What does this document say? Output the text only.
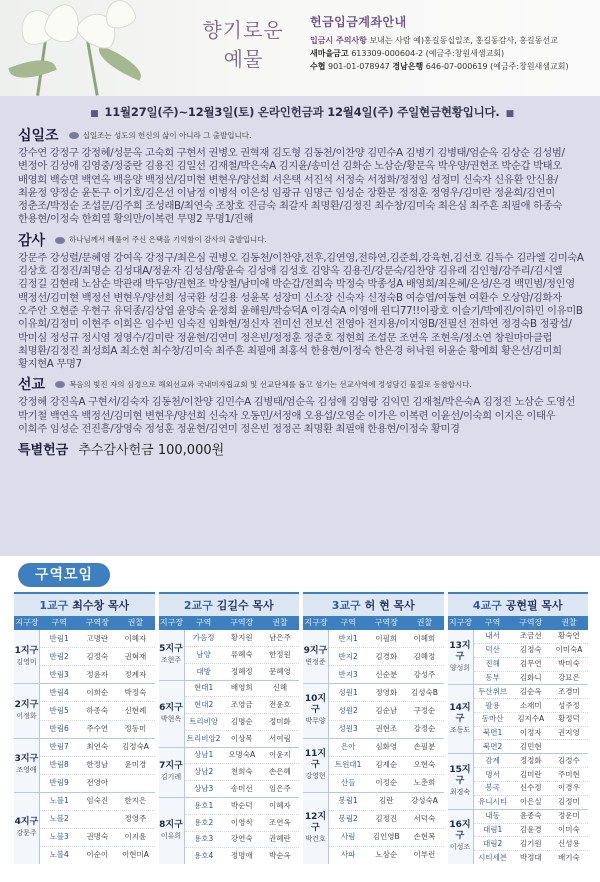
향기로운
예물
헌금입금계좌안내
입금시 주의사항 보내는 사람 예)홍길동십일조, 홍길동감사, 홍길동선교
새마을금고 613309-000604-2 (예금주:창원새샘교회)
수협 901-01-078947 경남은행 646-07-000619 (예금주:창원새샘교회)
■ 11월27일(주)~12월3일(토) 온라인헌금과 12월4일(주) 주일현금현황입니다. ■
십일조	십일조는 성도의 헌신의 삶이 아니라 그 출발입니다.
강수연 강정구 강정혜/성문옥 고숙희 구현서 권병오 권혁재 김도형 김동천/이찬양 김민수A 김병기 김병태/엄순옥 김상순 김성범/변정아 김성애 김영중/정중란 김용진 김일선 김재철/박은숙A 김지윤/송미선 김화순 노삼순/황문옥 박우양/권현조 박순갑 박태오 배영희 백승면 백연옥 백응양 백정선/김미현 변현우/양선희 서은택 서진석 서정숙 서정화/정정임 성정미 신숙자 신유환 안신용/최윤정 양정순 윤돈구 이기호/김은선 이남정 이병석 이은성 임광규 임명근 임성순 장환문 정정훈 정영우/김미란 정윤희/김연미 정춘조/박정순 조섭문/김주희 조성래B/최연숙 조창호 진금숙 최갈자 최명환/김정진 최수창/김미숙 최은심 최주흔 최필애 하종숙 한용현/이정숙 한희열 황의만/이복련 무명2 무명1/진해
감사	하나님께서 베풀어 주신 은택을 기억함이 감사의 출발입니다.
강문주 강성렬/문혜영 강여옥 강정구/최은심 권병오 김동천/이찬양,전후,김연영,전하연,김준희,강육현,김선호 김득수 김라엘 김미숙A 김상호 김정진/최명순 김성대A/정윤자 김성삼/황윤숙 김성애 김성호 김양옥 김용진/강문숙/김찬양 김유래 김인형/강주리/김시엘 김정길 김현래 노삼순 박관래 박두양/권현조 박상철/남미애 박순갑/전희숙 박정숙 박종성A 배영희/최은혜/은성/은경 백민범/정인영 백정선/김미현 백정선 변현우/양선희 성국환 성길용 성윤목 성장미 신소장 신숙자 신정숙B 여승엽/여동현 여환수 오상암/김화자 오주안 오현준 우현구 유덕종/김상엽 윤양숙 윤정희 윤해원/박승덕A 이경숙A 이영애 윈디77!!이광호 이슬기/박예진/이하민 이유미B 이유희/김정미 이현주 이희은 임수빈 임숙진 임화현/정신자 전미선 전보선 전영아 전지용/이지영B/전필선 전하연 정경숙B 정광섭/박미심 정성규 정시영 정영수/김미란 정윤현/김연미 정은빈/정정훈 정준호 정현희 조섭문 조연옥 조현욱/정소연 창원마마클럽 최명환/김정진 최성희A 최소현 최수창/김미숙 최주흔 최필애 최홍석 한용현/이정숙 한은경 허낙원 허윤순 황예희 황은선/김미희 황지현A 무명7
선교	복음의 빛진 자의 심정으로 해외선교와 국내미자립교회 및 선교단체를 돕고 섬기는 선교사역에 정성담긴 물질로 동참합시다.
강정혜 강진옥A 구현서/김숙자 김동천/이찬양 김민수A 김병태/엄순옥 김성애 김영랑 김익민 김재철/박은숙A 김정진 노삼순 도영선 박기철 백연옥 백정선/김미현 변현우/양선희 신숙자 오동민/서정애 오용섭/오영순 이가은 이복련 이윤선/이숙희 이지은 이태우 이희주 임성순 전진흥/장영숙 정성훈 정윤현/김연미 정은빈 정정곤 최명환 최필애 한용현/이정숙 황미경
특별헌금 추수감사헌금 100,000원
구역모임
1교구 최수창 목사
지구장	구역	구역장	권찰
1지구
김영미
반림1	고명란	이혜자
반림2	김정숙	권혁재
반림3	정윤자	정계자
2지구
이정화
반림4	이희순	박정숙
반림5	하종숙	신현례
반림6	주수연	정동미
3지구
조영애
반림7	최연숙	김정숙A
반림8	한정남	윤미경
반림9	전영아
4지구
강문주
노블1	임숙진	한지은
노블2	정영주
노블3	권명숙	이지윤
노블4	이순이	이현미A
2교구 김길수 목사
지구장	구역	구역장	권찰
5지구
조현주
가음정	황지원	남은주
남양	류혜숙	한정원
대방	정혜정	문혜영
6지구
박현옥
현대1	배영희	신혜
현대2	조영금	전윤호
트리비앙	김명순	정미화
트리비앙2	이상목	서여림
7지구
김기례
상남1	오명숙A	이윤지
상남2	천희숙	손은혜
상남3	송미선	임은주
8지구
이유희
용호1	박순덕	이혜자
용호2	이영식	조연옥
용호3	강연숙	권혜란
용호4	정명애	박순옥
3교구 허 현 목사
지구장	구역	구역장	권찰
9지구
변정준
반지1	이필희	이혜희
반지2	김경화	김혜정
반지3	신순분	강성주
10지구
박무양
성원1	정영화	김성숙B
성원2	김순남	구정순
성원3	권현조	강정순
11지구
강영현
은아	심화영	손필분
트윈대1	김제순	오현숙
산들	이정순	노춘희
12지구
박건호
봉림1	김란	강성숙A
봉림2	김정진	서덕숙
사림	김인영B	손현복
사파	노삼순	이부런
4교구 공현필 목사
지구장	구역	구역장	권찰
13지구
양성희
내서	조금선	황숙연
덕산	김정숙	이미숙A
진해	김무연	박미숙
동부	김화니	강묘은
14지구
조동도
두산위브	김순옥	조경미
팔용	소재미	성주정
동마산	김지수A	황정덕
북면1	이정자	권지영
북면2	김민현
15지구
최경숙
감계	정정화	김정수
명서	김미란	주미현
봉곡	신수정	이경우
유니시티	이은실	김정미
16지구
이성조
내동	윤종숙	정운미
대림1	김윤경	이미숙
대림2	김기원	신성용
시티세븐	박정대	배기숙
